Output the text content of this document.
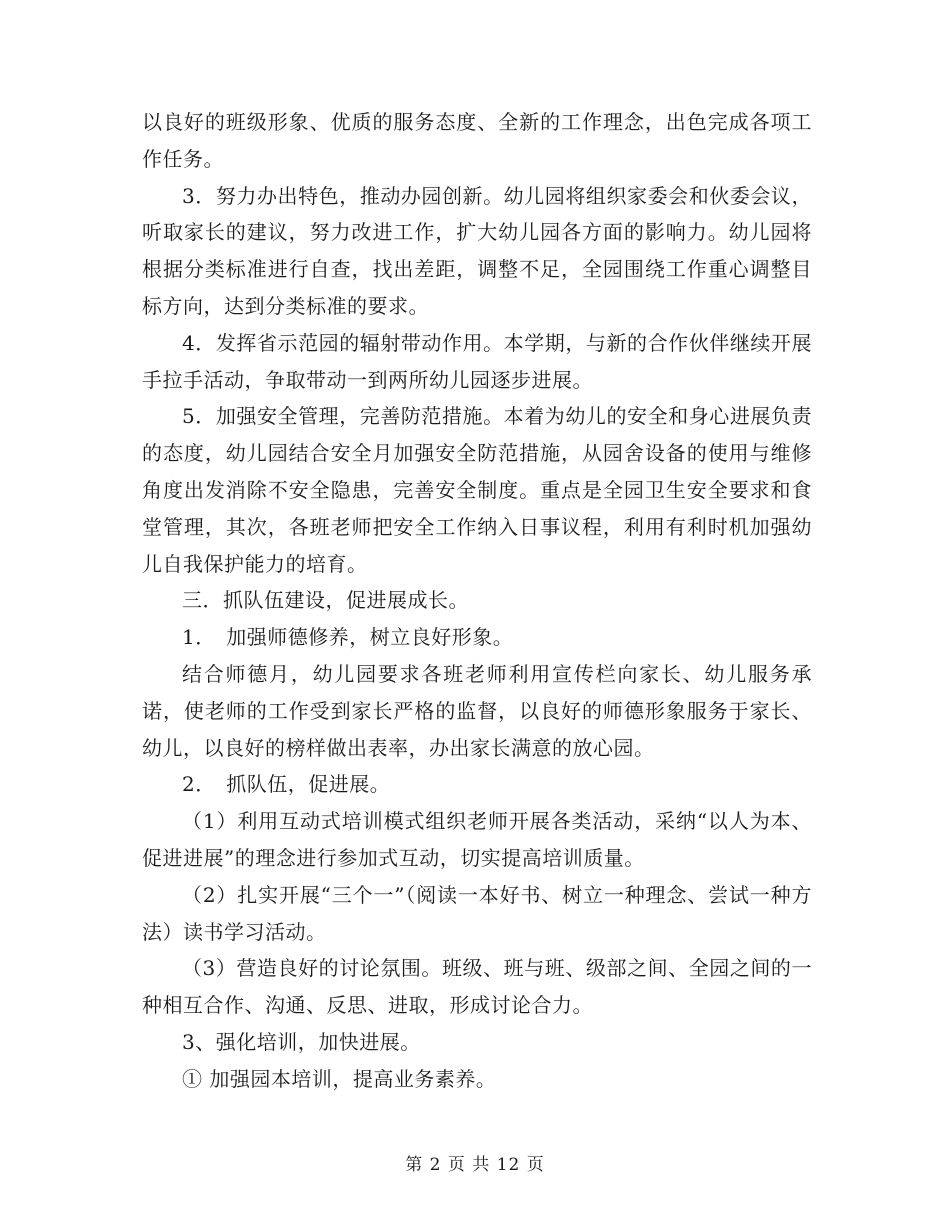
以良好的班级形象、优质的服务态度、全新的工作理念，出色完成各项工作任务。

3．努力办出特色，推动办园创新。幼儿园将组织家委会和伙委会议，听取家长的建议，努力改进工作，扩大幼儿园各方面的影响力。幼儿园将根据分类标准进行自查，找出差距，调整不足，全园围绕工作重心调整目标方向，达到分类标准的要求。

4．发挥省示范园的辐射带动作用。本学期，与新的合作伙伴继续开展手拉手活动，争取带动一到两所幼儿园逐步进展。

5．加强安全管理，完善防范措施。本着为幼儿的安全和身心进展负责的态度，幼儿园结合安全月加强安全防范措施，从园舍设备的使用与维修角度出发消除不安全隐患，完善安全制度。重点是全园卫生安全要求和食堂管理，其次，各班老师把安全工作纳入日事议程，利用有利时机加强幼儿自我保护能力的培育。

三．抓队伍建设，促进展成长。

1．　加强师德修养，树立良好形象。

结合师德月，幼儿园要求各班老师利用宣传栏向家长、幼儿服务承诺，使老师的工作受到家长严格的监督，以良好的师德形象服务于家长、幼儿，以良好的榜样做出表率，办出家长满意的放心园。

2．　抓队伍，促进展。

（1）利用互动式培训模式组织老师开展各类活动，采纳“以人为本、促进进展”的理念进行参加式互动，切实提高培训质量。

（2）扎实开展“三个一”（阅读一本好书、树立一种理念、尝试一种方法）读书学习活动。

（3）营造良好的讨论氛围。班级、班与班、级部之间、全园之间的一种相互合作、沟通、反思、进取，形成讨论合力。

3、强化培训，加快进展。

① 加强园本培训，提高业务素养。

第 2 页 共 12 页
